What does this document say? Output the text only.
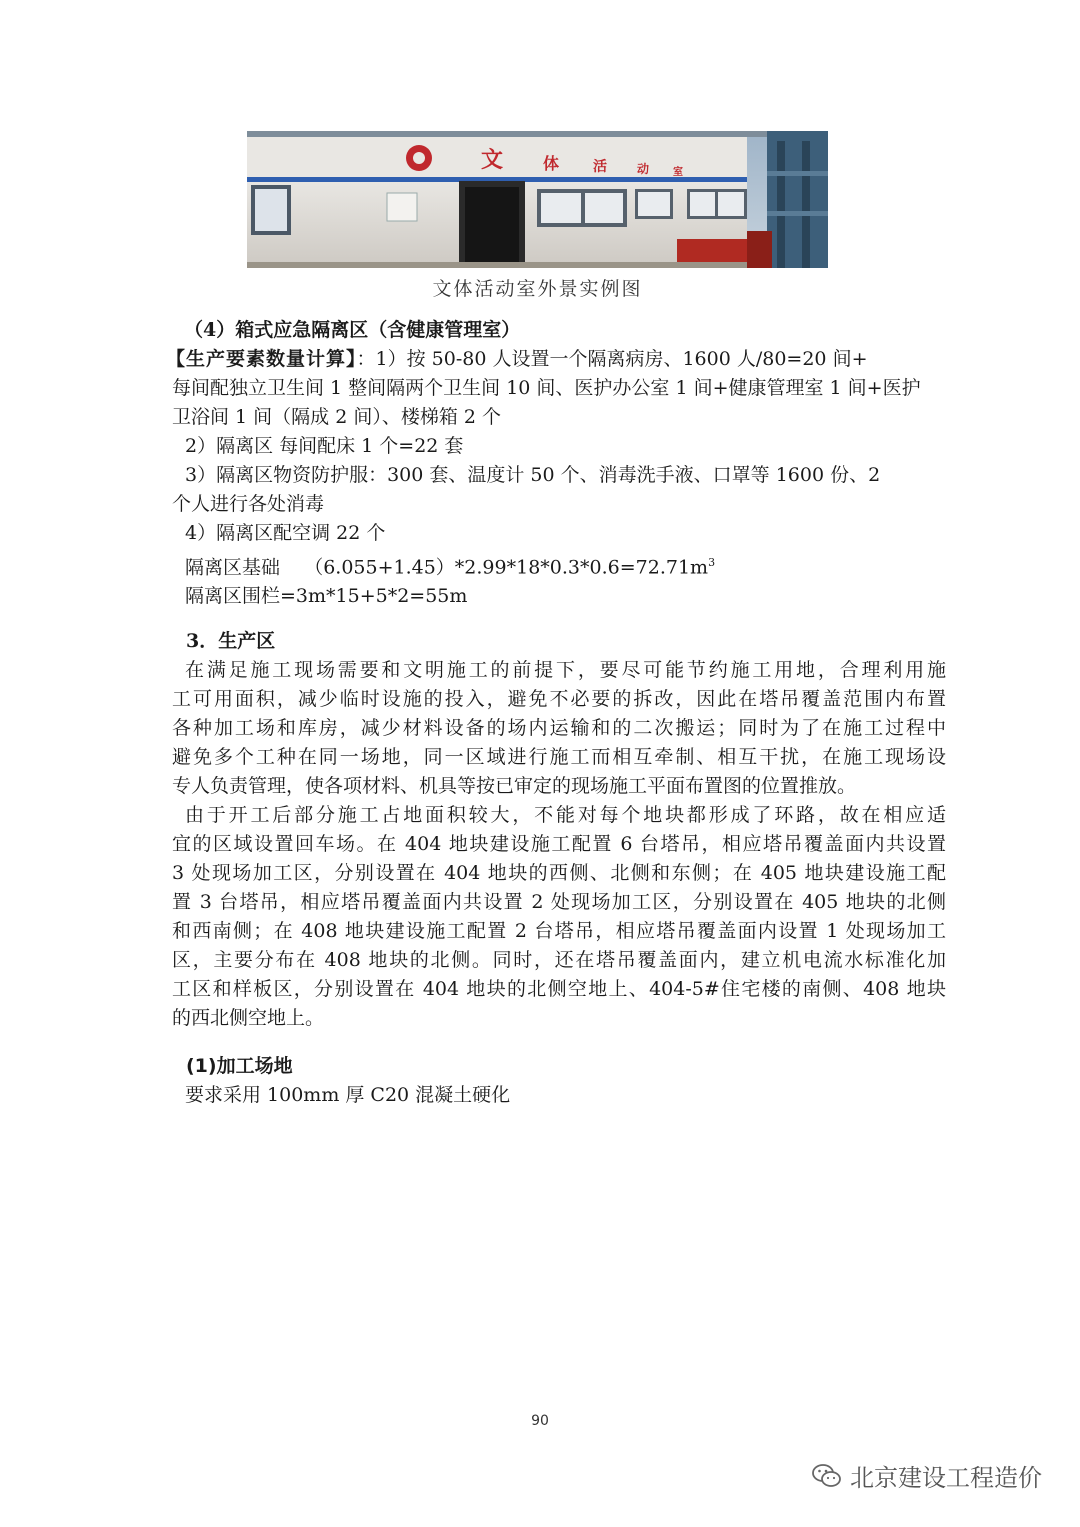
文 体 活	动 室
文体活动室外景实例图
（4）箱式应急隔离区（含健康管理室）
【生产要素数量计算】：1）按 50-80 人设置一个隔离病房、1600 人/80=20 间+
每间配独立卫生间 1 整间隔两个卫生间 10 间、医护办公室 1 间+健康管理室 1 间+医护
卫浴间 1 间（隔成 2 间）、楼梯箱 2 个
2）隔离区 每间配床 1 个=22 套
3）隔离区物资防护服：300 套、温度计 50 个、消毒洗手液、口罩等 1600 份、2
个人进行各处消毒
4）隔离区配空调 22 个
隔离区基础 $(6.055+1.45)*2.99*18*0.3*0.6=72.71m^3$
隔离区围栏=3m*15+5*2=55m
3．生产区
在满足施工现场需要和文明施工的前提下，要尽可能节约施工用地，合理利用施
工可用面积，减少临时设施的投入，避免不必要的拆改，因此在塔吊覆盖范围内布置
各种加工场和库房，减少材料设备的场内运输和的二次搬运；同时为了在施工过程中
避免多个工种在同一场地，同一区域进行施工而相互牵制、相互干扰，在施工现场设
专人负责管理，使各项材料、机具等按已审定的现场施工平面布置图的位置推放。
由于开工后部分施工占地面积较大，不能对每个地块都形成了环路，故在相应适
宜的区域设置回车场。在 404 地块建设施工配置 6 台塔吊，相应塔吊覆盖面内共设置
3 处现场加工区，分别设置在 404 地块的西侧、北侧和东侧；在 405 地块建设施工配
置 3 台塔吊，相应塔吊覆盖面内共设置 2 处现场加工区，分别设置在 405 地块的北侧
和西南侧；在 408 地块建设施工配置 2 台塔吊，相应塔吊覆盖面内设置 1 处现场加工
区，主要分布在 408 地块的北侧。同时，还在塔吊覆盖面内，建立机电流水标准化加
工区和样板区，分别设置在 404 地块的北侧空地上、404-5#住宅楼的南侧、408 地块
的西北侧空地上。
(1)加工场地
要求采用 100mm 厚 C20 混凝土硬化
90
北京建设工程造价
